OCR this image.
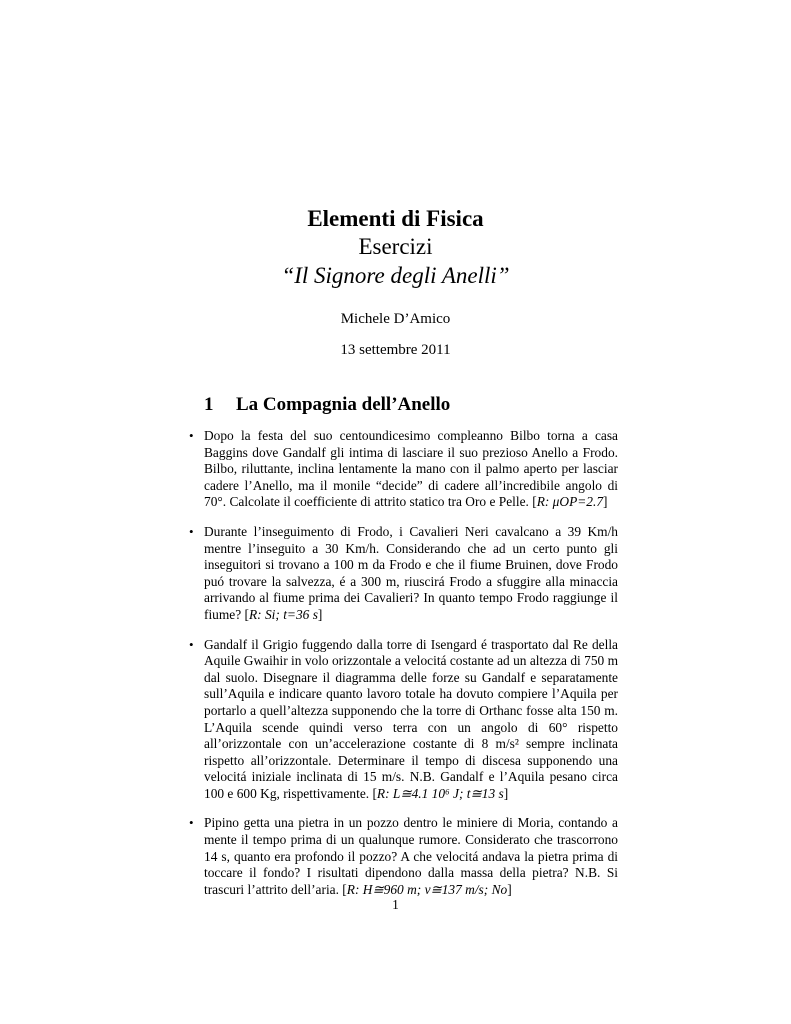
Elementi di Fisica
Esercizi
“Il Signore degli Anelli”
Michele D’Amico
13 settembre 2011
1 La Compagnia dell’Anello
• Dopo la festa del suo centoundicesimo compleanno Bilbo torna a casa Baggins dove Gandalf gli intima di lasciare il suo prezioso Anello a Frodo. Bilbo, riluttante, inclina lentamente la mano con il palmo aperto per lasciar cadere l’Anello, ma il monile “decide” di cadere all’incredibile angolo di 70°. Calcolate il coefficiente di attrito statico tra Oro e Pelle. [R: μOP=2.7]
• Durante l’inseguimento di Frodo, i Cavalieri Neri cavalcano a 39 Km/h mentre l’inseguito a 30 Km/h. Considerando che ad un certo punto gli inseguitori si trovano a 100 m da Frodo e che il fiume Bruinen, dove Frodo puó trovare la salvezza, é a 300 m, riuscirá Frodo a sfuggire alla minaccia arrivando al fiume prima dei Cavalieri? In quanto tempo Frodo raggiunge il fiume? [R: Si; t=36 s]
• Gandalf il Grigio fuggendo dalla torre di Isengard é trasportato dal Re della Aquile Gwaihir in volo orizzontale a velocitá costante ad un altezza di 750 m dal suolo. Disegnare il diagramma delle forze su Gandalf e separatamente sull’Aquila e indicare quanto lavoro totale ha dovuto compiere l’Aquila per portarlo a quell’altezza supponendo che la torre di Orthanc fosse alta 150 m. L’Aquila scende quindi verso terra con un angolo di 60° rispetto all’orizzontale con un’accelerazione costante di 8 m/s² sempre inclinata rispetto all’orizzontale. Determinare il tempo di discesa supponendo una velocitá iniziale inclinata di 15 m/s. N.B. Gandalf e l’Aquila pesano circa 100 e 600 Kg, rispettivamente. [R: L≅4.1 10⁶ J; t≅13 s]
• Pipino getta una pietra in un pozzo dentro le miniere di Moria, contando a mente il tempo prima di un qualunque rumore. Considerato che trascorrono 14 s, quanto era profondo il pozzo? A che velocitá andava la pietra prima di toccare il fondo? I risultati dipendono dalla massa della pietra? N.B. Si trascuri l’attrito dell’aria. [R: H≅960 m; v≅137 m/s; No]
1
